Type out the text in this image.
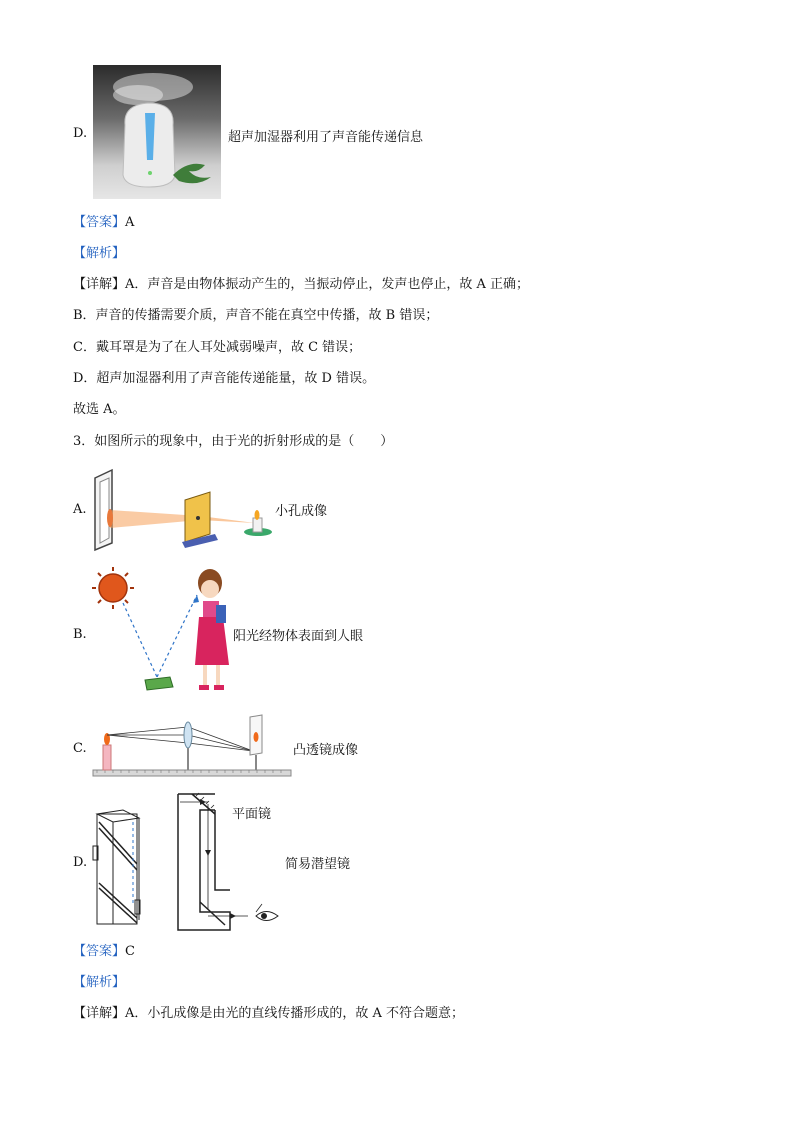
D.	超声加湿器利用了声音能传递信息
【答案】A
【解析】
【详解】A．声音是由物体振动产生的，当振动停止，发声也停止，故 A 正确；
B．声音的传播需要介质，声音不能在真空中传播，故 B 错误；
C．戴耳罩是为了在人耳处减弱噪声，故 C 错误；
D．超声加湿器利用了声音能传递能量，故 D 错误。
故选 A。
3．如图所示的现象中，由于光的折射形成的是（　　）
A.	小孔成像
B.	阳光经物体表面到人眼
C.	凸透镜成像
D.
平面镜
简易潜望镜
【答案】C
【解析】
【详解】A．小孔成像是由光的直线传播形成的，故 A 不符合题意；
